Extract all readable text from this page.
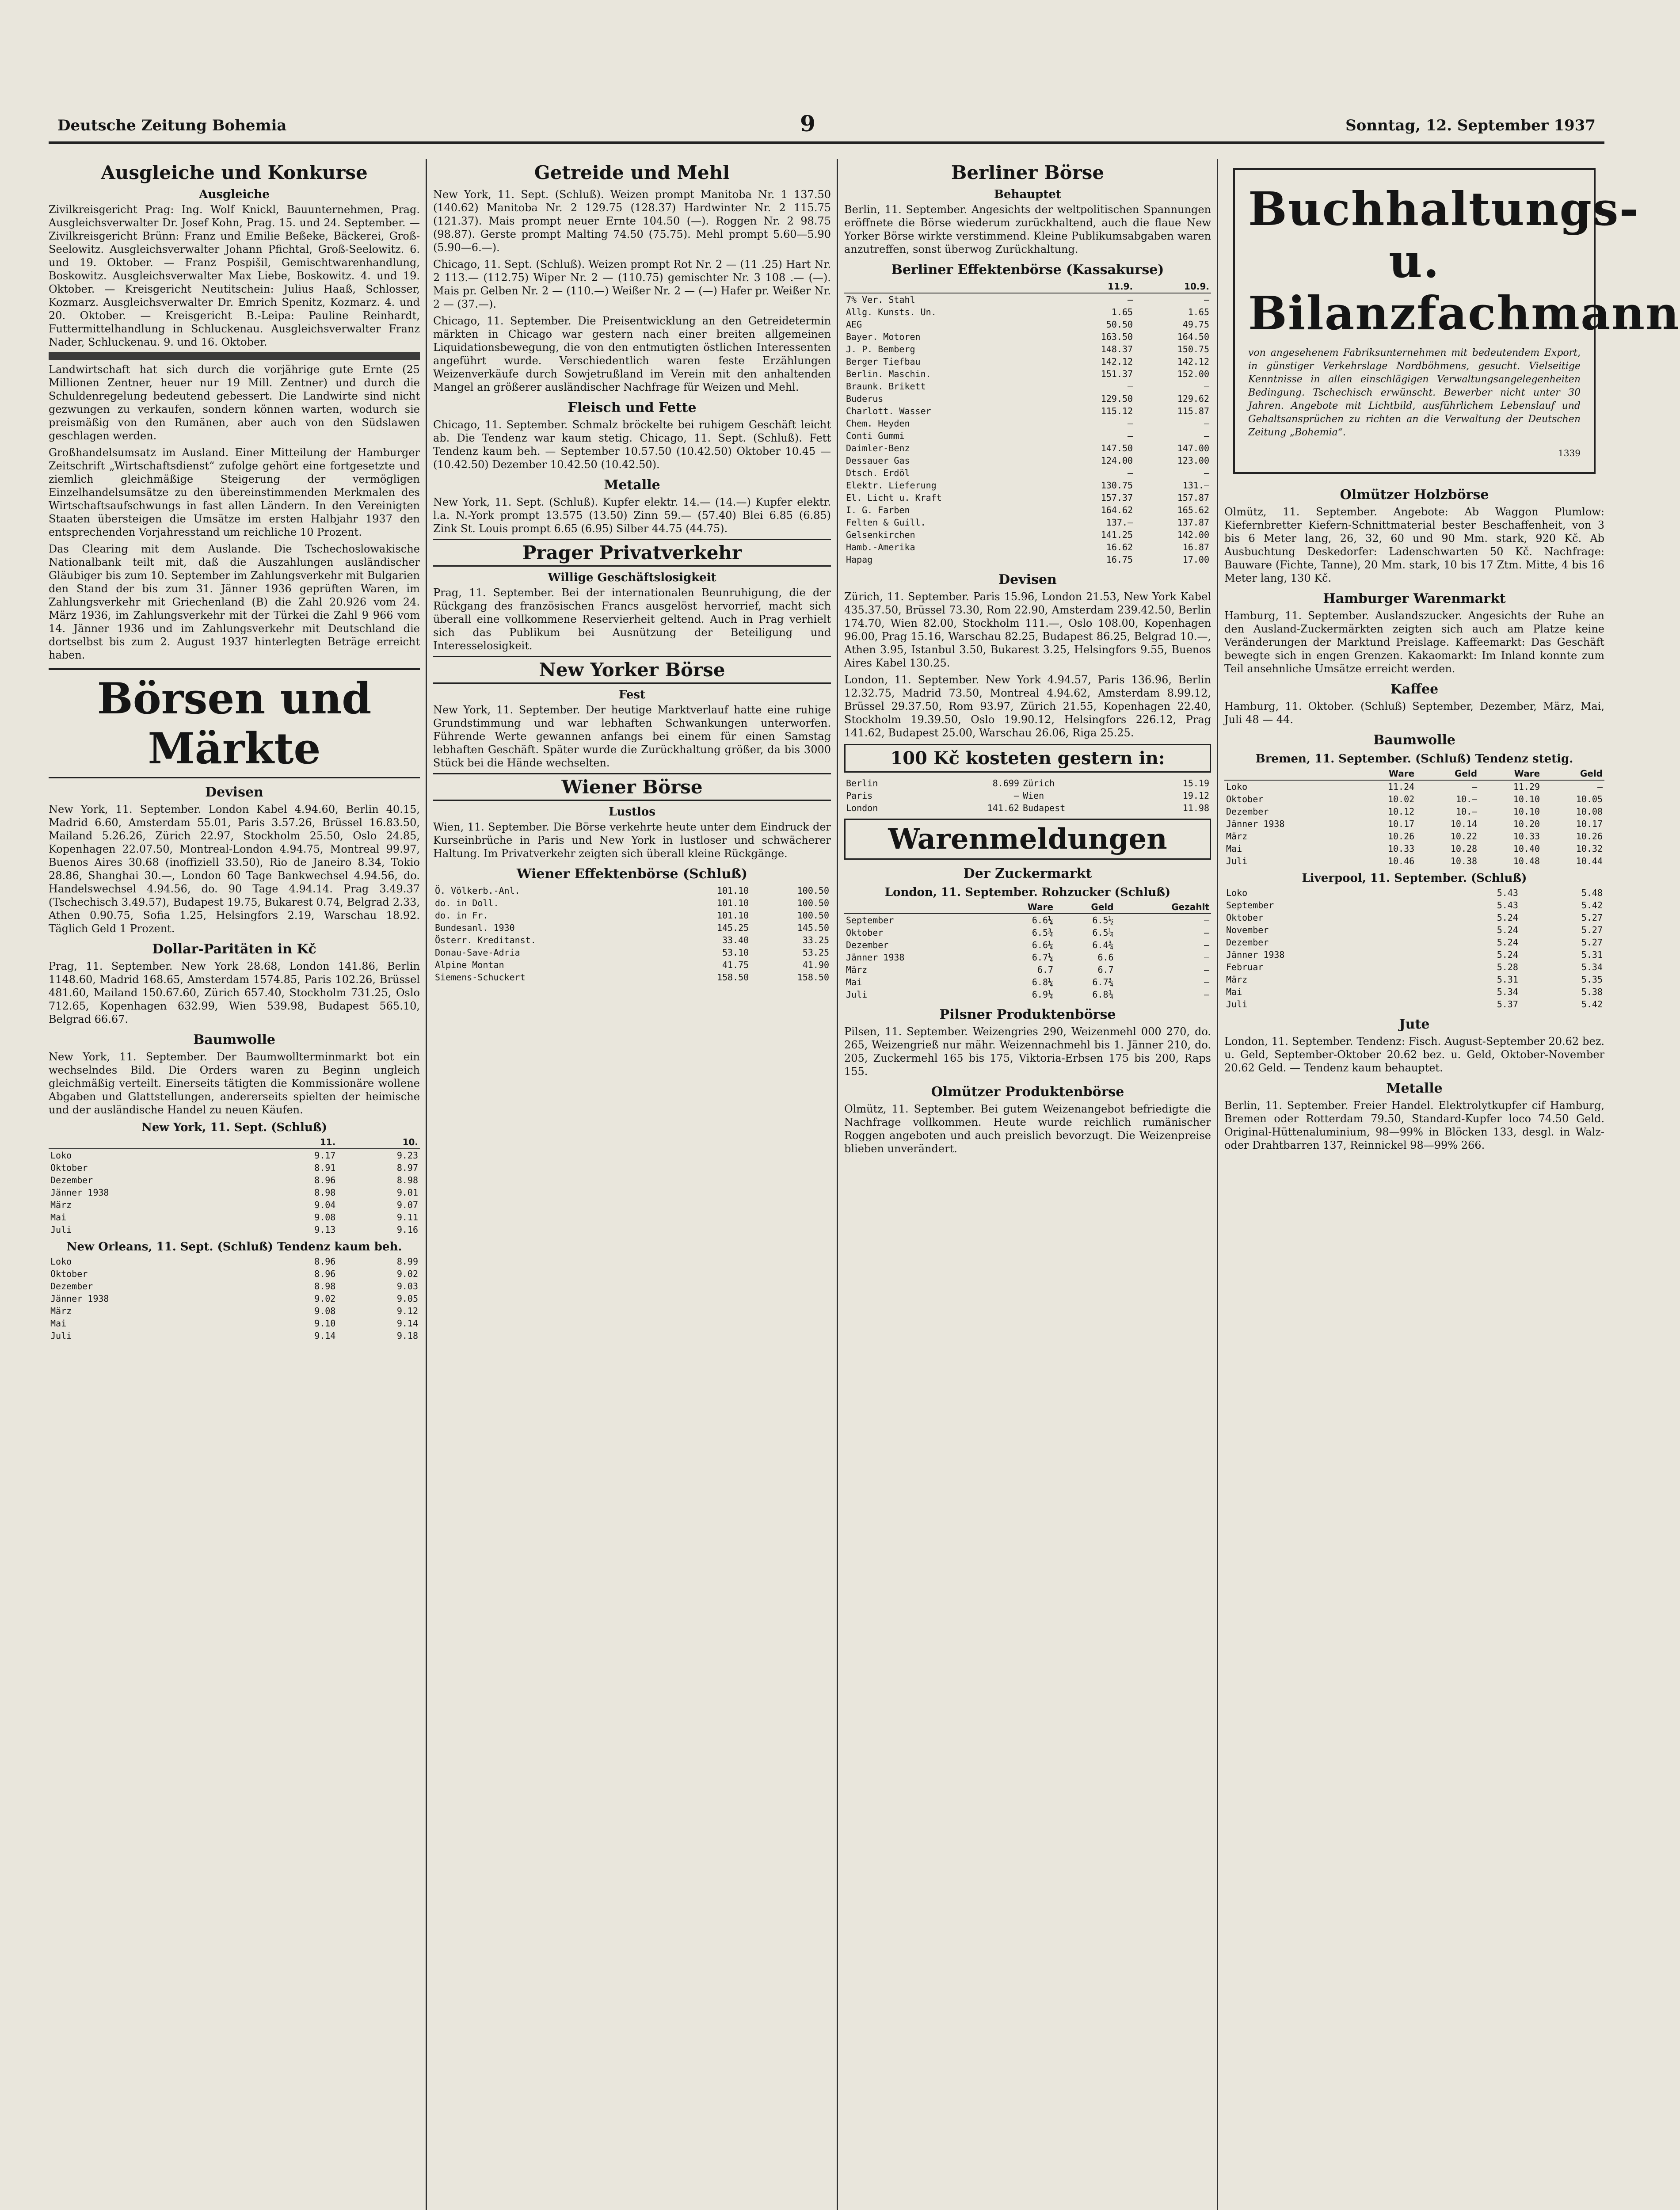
Deutsche Zeitung Bohemia	9	Sonntag, 12. September 1937
Ausgleiche und Konkurse
Ausgleiche

Zivilkreisgericht Prag: Ing. Wolf Knickl, Bauunternehmen, Prag. Ausgleichsverwalter Dr. Josef Kohn, Prag. 15. und 24. September. — Zivilkreisgericht Brünn: Franz und Emilie Beßeke, Bäckerei, Groß-Seelowitz. Ausgleichsverwalter Johann Pfichtal, Groß-Seelowitz. 6. und 19. Oktober. — Franz Pospišil, Gemischtwarenhandlung, Boskowitz. Ausgleichsverwalter Max Liebe, Boskowitz. 4. und 19. Oktober. — Kreisgericht Neutitschein: Julius Haaß, Schlosser, Kozmarz. Ausgleichsverwalter Dr. Emrich Spenitz, Kozmarz. 4. und 20. Oktober. — Kreisgericht B.-Leipa: Pauline Reinhardt, Futtermittelhandlung in Schluckenau. Ausgleichsverwalter Franz Nader, Schluckenau. 9. und 16. Oktober.

Landwirtschaft hat sich durch die vorjährige gute Ernte (25 Millionen Zentner, heuer nur 19 Mill. Zentner) und durch die Schuldenregelung bedeutend gebessert. Die Landwirte sind nicht gezwungen zu verkaufen, sondern können warten, wodurch sie preismäßig von den Rumänen, aber auch von den Südslawen geschlagen werden.

Großhandelsumsatz im Ausland. Einer Mitteilung der Hamburger Zeitschrift „Wirtschaftsdienst“ zufolge gehört eine fortgesetzte und ziemlich gleichmäßige Steigerung der vermögligen Einzelhandelsumsätze zu den übereinstimmenden Merkmalen des Wirtschaftsaufschwungs in fast allen Ländern. In den Vereinigten Staaten übersteigen die Umsätze im ersten Halbjahr 1937 den entsprechenden Vorjahresstand um reichliche 10 Prozent.

Das Clearing mit dem Auslande. Die Tschechoslowakische Nationalbank teilt mit, daß die Auszahlungen ausländischer Gläubiger bis zum 10. September im Zahlungsverkehr mit Bulgarien den Stand der bis zum 31. Jänner 1936 geprüften Waren, im Zahlungsverkehr mit Griechenland (B) die Zahl 20.926 vom 24. März 1936, im Zahlungsverkehr mit der Türkei die Zahl 9 966 vom 14. Jänner 1936 und im Zahlungsverkehr mit Deutschland die dortselbst bis zum 2. August 1937 hinterlegten Beträge erreicht haben.

Börsen und Märkte
Devisen

New York, 11. September. London Kabel 4.94.60, Berlin 40.15, Madrid 6.60, Amsterdam 55.01, Paris 3.57.26, Brüssel 16.83.50, Mailand 5.26.26, Zürich 22.97, Stockholm 25.50, Oslo 24.85, Kopenhagen 22.07.50, Montreal-London 4.94.75, Montreal 99.97, Buenos Aires 30.68 (inoffiziell 33.50), Rio de Janeiro 8.34, Tokio 28.86, Shanghai 30.—, London 60 Tage Bankwechsel 4.94.56, do. Handelswechsel 4.94.56, do. 90 Tage 4.94.14. Prag 3.49.37 (Tschechisch 3.49.57), Budapest 19.75, Bukarest 0.74, Belgrad 2.33, Athen 0.90.75, Sofia 1.25, Helsingfors 2.19, Warschau 18.92. Täglich Geld 1 Prozent.

Dollar-Paritäten in Kč

Prag, 11. September. New York 28.68, London 141.86, Berlin 1148.60, Madrid 168.65, Amsterdam 1574.85, Paris 102.26, Brüssel 481.60, Mailand 150.67.60, Zürich 657.40, Stockholm 731.25, Oslo 712.65, Kopenhagen 632.99, Wien 539.98, Budapest 565.10, Belgrad 66.67.

Baumwolle

New York, 11. September. Der Baumwollterminmarkt bot ein wechselndes Bild. Die Orders waren zu Beginn ungleich gleichmäßig verteilt. Einerseits tätigten die Kommissionäre wollene Abgaben und Glattstellungen, andererseits spielten der heimische und der ausländische Handel zu neuen Käufen.

New York, 11. Sept. (Schluß)
	11.	10.
Loko	9.17	9.23
Oktober	8.91	8.97
Dezember	8.96	8.98
Jänner 1938	8.98	9.01
März	9.04	9.07
Mai	9.08	9.11
Juli	9.13	9.16
New Orleans, 11. Sept. (Schluß) Tendenz kaum beh.
Loko	8.96	8.99
Oktober	8.96	9.02
Dezember	8.98	9.03
Jänner 1938	9.02	9.05
März	9.08	9.12
Mai	9.10	9.14
Juli	9.14	9.18
Getreide und Mehl

New York, 11. Sept. (Schluß). Weizen prompt Manitoba Nr. 1 137.50 (140.62) Manitoba Nr. 2 129.75 (128.37) Hardwinter Nr. 2 115.75 (121.37). Mais prompt neuer Ernte 104.50 (—). Roggen Nr. 2 98.75 (98.87). Gerste prompt Malting 74.50 (75.75). Mehl prompt 5.60—5.90 (5.90—6.—).

Chicago, 11. Sept. (Schluß). Weizen prompt Rot Nr. 2 — (11 .25) Hart Nr. 2 113.— (112.75) Wiper Nr. 2 — (110.75) gemischter Nr. 3 108 .— (—). Mais pr. Gelben Nr. 2 — (110.—) Weißer Nr. 2 — (—) Hafer pr. Weißer Nr. 2 — (37.—).

Chicago, 11. September. Die Preisentwicklung an den Getreidetermin märkten in Chicago war gestern nach einer breiten allgemeinen Liquidationsbewegung, die von den entmutigten östlichen Interessenten angeführt wurde. Verschiedentlich waren feste Erzählungen Weizenverkäufe durch Sowjetrußland im Verein mit den anhaltenden Mangel an größerer ausländischer Nachfrage für Weizen und Mehl.

Fleisch und Fette

Chicago, 11. September. Schmalz bröckelte bei ruhigem Geschäft leicht ab. Die Tendenz war kaum stetig. Chicago, 11. Sept. (Schluß). Fett Tendenz kaum beh. — September 10.57.50 (10.42.50) Oktober 10.45 — (10.42.50) Dezember 10.42.50 (10.42.50).

Metalle

New York, 11. Sept. (Schluß). Kupfer elektr. 14.— (14.—) Kupfer elektr. l.a. N.-York prompt 13.575 (13.50) Zinn 59.— (57.40) Blei 6.85 (6.85) Zink St. Louis prompt 6.65 (6.95) Silber 44.75 (44.75).

Prager Privatverkehr
Willige Geschäftslosigkeit

Prag, 11. September. Bei der internationalen Beunruhigung, die der Rückgang des französischen Francs ausgelöst hervorrief, macht sich überall eine vollkommene Reservierheit geltend. Auch in Prag verhielt sich das Publikum bei Ausnützung der Beteiligung und Interesselosigkeit.

New Yorker Börse
Fest

New York, 11. September. Der heutige Marktverlauf hatte eine ruhige Grundstimmung und war lebhaften Schwankungen unterworfen. Führende Werte gewannen anfangs bei einem für einen Samstag lebhaften Geschäft. Später wurde die Zurückhaltung größer, da bis 3000 Stück bei die Hände wechselten.

Wiener Börse
Lustlos

Wien, 11. September. Die Börse verkehrte heute unter dem Eindruck der Kurseinbrüche in Paris und New York in lustloser und schwächerer Haltung. Im Privatverkehr zeigten sich überall kleine Rückgänge.

Wiener Effektenbörse (Schluß)
Ö. Völkerb.-Anl.	101.10	100.50
do. in Doll.	101.10	100.50
do. in Fr.	101.10	100.50
Bundesanl. 1930	145.25	145.50
Österr. Kreditanst.	33.40	33.25
Donau-Save-Adria	53.10	53.25
Alpine Montan	41.75	41.90
Siemens-Schuckert	158.50	158.50
Berliner Börse
Behauptet

Berlin, 11. September. Angesichts der weltpolitischen Spannungen eröffnete die Börse wiederum zurückhaltend, auch die flaue New Yorker Börse wirkte verstimmend. Kleine Publikumsabgaben waren anzutreffen, sonst überwog Zurückhaltung.

Berliner Effektenbörse (Kassakurse)
	11.9.	10.9.
7% Ver. Stahl	—	—
Allg. Kunsts. Un.	1.65	1.65
AEG	50.50	49.75
Bayer. Motoren	163.50	164.50
J. P. Bemberg	148.37	150.75
Berger Tiefbau	142.12	142.12
Berlin. Maschin.	151.37	152.00
Braunk. Brikett	—	—
Buderus	129.50	129.62
Charlott. Wasser	115.12	115.87
Chem. Heyden	—	—
Conti Gummi	—	—
Daimler-Benz	147.50	147.00
Dessauer Gas	124.00	123.00
Dtsch. Erdöl	—	—
Elektr. Lieferung	130.75	131.—
El. Licht u. Kraft	157.37	157.87
I. G. Farben	164.62	165.62
Felten & Guill.	137.—	137.87
Gelsenkirchen	141.25	142.00
Hamb.-Amerika	16.62	16.87
Hapag	16.75	17.00
Devisen

Zürich, 11. September. Paris 15.96, London 21.53, New York Kabel 435.37.50, Brüssel 73.30, Rom 22.90, Amsterdam 239.42.50, Berlin 174.70, Wien 82.00, Stockholm 111.—, Oslo 108.00, Kopenhagen 96.00, Prag 15.16, Warschau 82.25, Budapest 86.25, Belgrad 10.—, Athen 3.95, Istanbul 3.50, Bukarest 3.25, Helsingfors 9.55, Buenos Aires Kabel 130.25.

London, 11. September. New York 4.94.57, Paris 136.96, Berlin 12.32.75, Madrid 73.50, Montreal 4.94.62, Amsterdam 8.99.12, Brüssel 29.37.50, Rom 93.97, Zürich 21.55, Kopenhagen 22.40, Stockholm 19.39.50, Oslo 19.90.12, Helsingfors 226.12, Prag 141.62, Budapest 25.00, Warschau 26.06, Riga 25.25.

100 Kč kosteten gestern in:
Berlin	8.699	Zürich	15.19
Paris	—	Wien	19.12
London	141.62	Budapest	11.98
Warenmeldungen
Der Zuckermarkt
London, 11. September. Rohzucker (Schluß)
	Ware	Geld	Gezahlt
September	6.6¼	6.5½	—
Oktober	6.5¾	6.5¼	—
Dezember	6.6¼	6.4¾	—
Jänner 1938	6.7¼	6.6	—
März	6.7	6.7	—
Mai	6.8¼	6.7¾	—
Juli	6.9¼	6.8¾	—
Pilsner Produktenbörse

Pilsen, 11. September. Weizengries 290, Weizenmehl 000 270, do. 265, Weizengrieß nur mähr. Weizennachmehl bis 1. Jänner 210, do. 205, Zuckermehl 165 bis 175, Viktoria-Erbsen 175 bis 200, Raps 155.

Olmützer Produktenbörse

Olmütz, 11. September. Bei gutem Weizenangebot befriedigte die Nachfrage vollkommen. Heute wurde reichlich rumänischer Roggen angeboten und auch preislich bevorzugt. Die Weizenpreise blieben unverändert.

Buchhaltungs- u. Bilanzfachmann

von angesehenem Fabriksunternehmen mit bedeutendem Export, in günstiger Verkehrslage Nordböhmens, gesucht. Vielseitige Kenntnisse in allen einschlägigen Verwaltungsangelegenheiten Bedingung. Tschechisch erwünscht. Bewerber nicht unter 30 Jahren. Angebote mit Lichtbild, ausführlichem Lebenslauf und Gehaltsansprüchen zu richten an die Verwaltung der Deutschen Zeitung „Bohemia“.

1339

Olmützer Holzbörse

Olmütz, 11. September. Angebote: Ab Waggon Plumlow: Kiefernbretter Kiefern-Schnittmaterial bester Beschaffenheit, von 3 bis 6 Meter lang, 26, 32, 60 und 90 Mm. stark, 920 Kč. Ab Ausbuchtung Deskedorfer: Ladenschwarten 50 Kč. Nachfrage: Bauware (Fichte, Tanne), 20 Mm. stark, 10 bis 17 Ztm. Mitte, 4 bis 16 Meter lang, 130 Kč.

Hamburger Warenmarkt

Hamburg, 11. September. Auslandszucker. Angesichts der Ruhe an den Ausland-Zuckermärkten zeigten sich auch am Platze keine Veränderungen der Marktund Preislage. Kaffeemarkt: Das Geschäft bewegte sich in engen Grenzen. Kakaomarkt: Im Inland konnte zum Teil ansehnliche Umsätze erreicht werden.

Kaffee

Hamburg, 11. Oktober. (Schluß) September, Dezember, März, Mai, Juli 48 — 44.

Baumwolle
Bremen, 11. September. (Schluß) Tendenz stetig.
	Ware	Geld	Ware	Geld
Loko	11.24	—	11.29	—
Oktober	10.02	10.—	10.10	10.05
Dezember	10.12	10.—	10.10	10.08
Jänner 1938	10.17	10.14	10.20	10.17
März	10.26	10.22	10.33	10.26
Mai	10.33	10.28	10.40	10.32
Juli	10.46	10.38	10.48	10.44
Liverpool, 11. September. (Schluß)
Loko	5.43	5.48
September	5.43	5.42
Oktober	5.24	5.27
November	5.24	5.27
Dezember	5.24	5.27
Jänner 1938	5.24	5.31
Februar	5.28	5.34
März	5.31	5.35
Mai	5.34	5.38
Juli	5.37	5.42
Jute

London, 11. September. Tendenz: Fisch. August-September 20.62 bez. u. Geld, September-Oktober 20.62 bez. u. Geld, Oktober-November 20.62 Geld. — Tendenz kaum behauptet.

Metalle

Berlin, 11. September. Freier Handel. Elektrolytkupfer cif Hamburg, Bremen oder Rotterdam 79.50, Standard-Kupfer loco 74.50 Geld. Original-Hüttenaluminium, 98—99% in Blöcken 133, desgl. in Walz- oder Drahtbarren 137, Reinnickel 98—99% 266.
